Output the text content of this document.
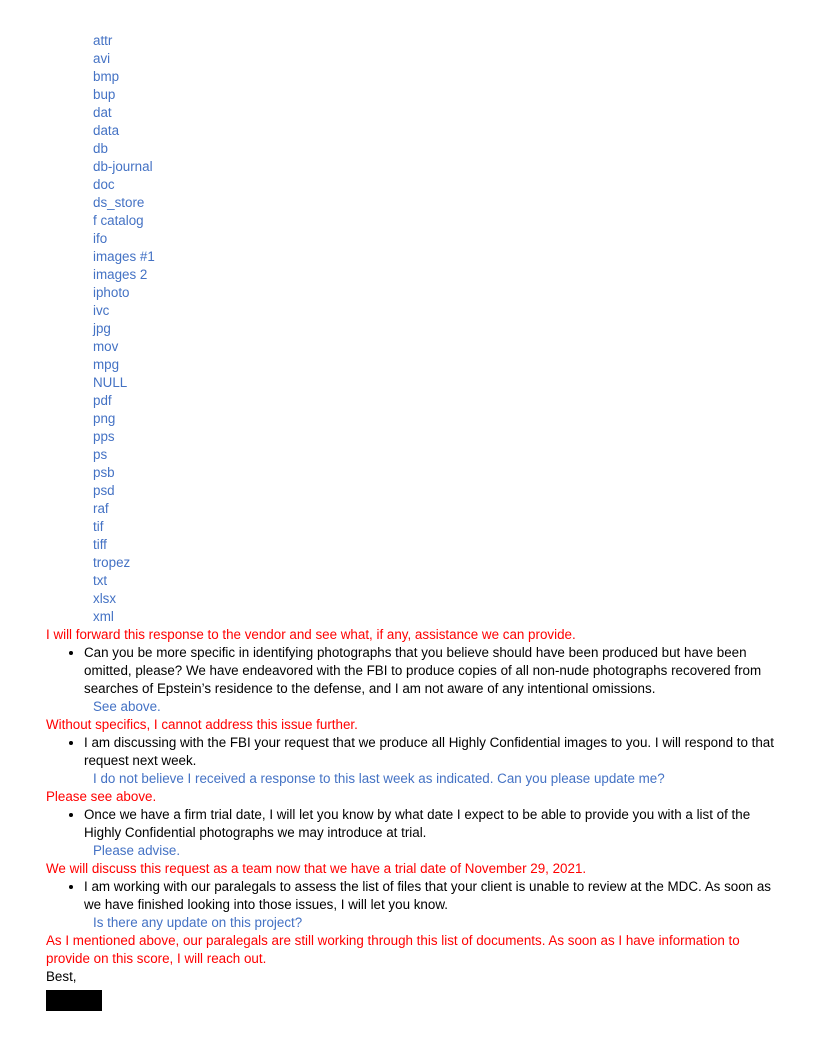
attr
avi
bmp
bup
dat
data
db
db-journal
doc
ds_store
f catalog
ifo
images #1
images 2
iphoto
ivc
jpg
mov
mpg
NULL
pdf
png
pps
ps
psb
psd
raf
tif
tiff
tropez
txt
xlsx
xml
I will forward this response to the vendor and see what, if any, assistance we can provide.
• Can you be more specific in identifying photographs that you believe should have been produced but have been omitted, please? We have endeavored with the FBI to produce copies of all non-nude photographs recovered from searches of Epstein’s residence to the defense, and I am not aware of any intentional omissions.
See above.
Without specifics, I cannot address this issue further.
• I am discussing with the FBI your request that we produce all Highly Confidential images to you. I will respond to that request next week.
I do not believe I received a response to this last week as indicated. Can you please update me?
Please see above.
• Once we have a firm trial date, I will let you know by what date I expect to be able to provide you with a list of the Highly Confidential photographs we may introduce at trial.
Please advise.
We will discuss this request as a team now that we have a trial date of November 29, 2021.
• I am working with our paralegals to assess the list of files that your client is unable to review at the MDC. As soon as we have finished looking into those issues, I will let you know.
Is there any update on this project?
As I mentioned above, our paralegals are still working through this list of documents. As soon as I have information to provide on this score, I will reach out.
Best,
